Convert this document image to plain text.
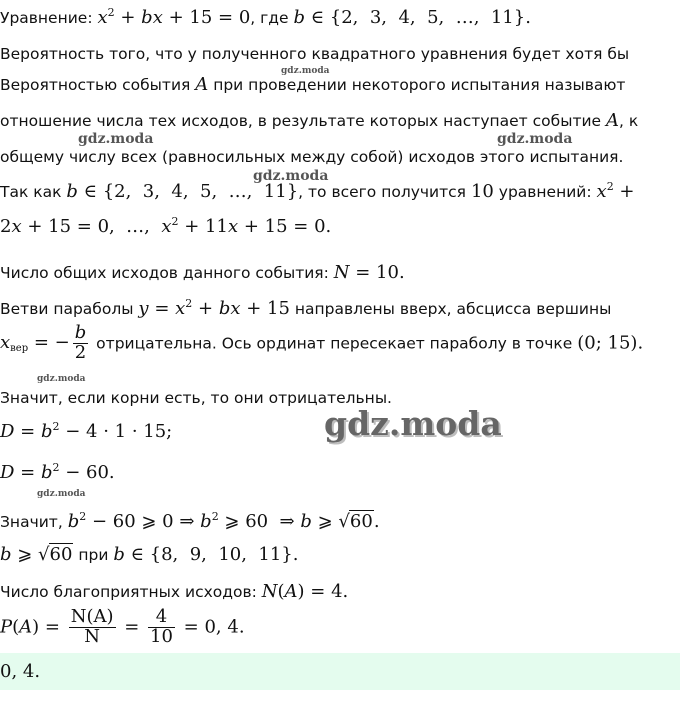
Уравнение: $x^2$ + bx + 15 = 0, где b ∈ {2,  3,  4,  5,  …,  11}.
Вероятность того, что у полученного квадратного уравнения будет хотя бы
Вероятностью события A при проведении некоторого испытания называют
отношение числа тех исходов, в результате которых наступает событие A, к
общему числу всех (равносильных между собой) исходов этого испытания.
Так как b ∈ {2,  3,  4,  5,  …,  11}, то всего получится 10 уравнений: $x^2$ +
2x + 15 = 0,  …,  $x^2 + 11x + 15 = 0$.
Число общих исходов данного события: N = 10.
Ветви параболы $y = x^2$ + bx + 15 направлены вверх, абсцисса вершины
$x_{вер}$ = − $\frac{b}{2}$ отрицательна. Ось ординат пересекает параболу в точке (0; 15).
Значит, если корни есть, то они отрицательны.
$D = b^2 - 4 \cdot 1 \cdot 15$;
$D = b^2 - 60$.
Значит, $b^2 - 60$ ⩾ 0 ⇒ $b^2$ ⩾ 60  ⇒ b ⩾ √60.
b ⩾ √60 при b ∈ {8,  9,  10,  11}.
Число благоприятных исходов: N(A) = 4.
$P(A) = \frac{N(A)}{N} = \frac{4}{10} = 0$, 4.
0, 4.
gdz.moda
gdz.moda	gdz.moda
gdz.moda
gdz.moda
gdz.moda
gdz.moda
